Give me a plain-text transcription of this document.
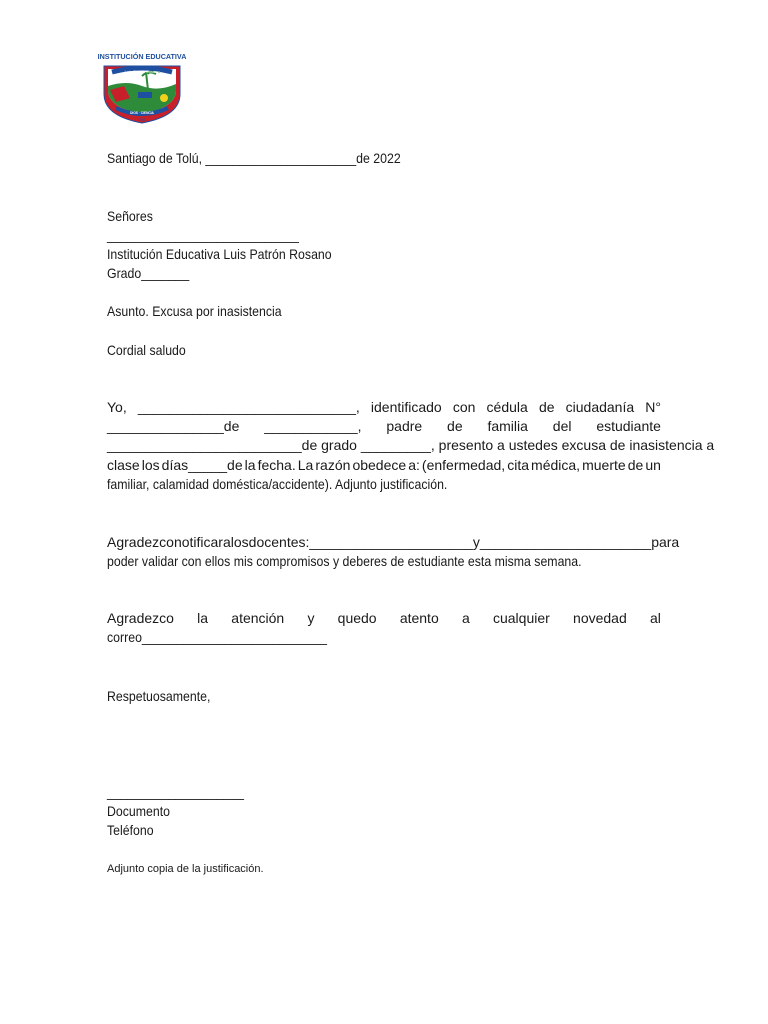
INSTITUCIÓN EDUCATIVA
Luis Patrón Rosano
DIOS · CIENCIA
1961
Santiago de Tolú, ______________________de 2022
Señores
____________________________
Institución Educativa Luis Patrón Rosano
Grado_______
Asunto. Excusa por inasistencia
Cordial saludo
Yo, ____________________________, identificado con cédula de ciudadanía N°
_______________de ____________, padre de familia del estudiante
_________________________ de grado _________, presento a ustedes excusa de inasistencia a
clase los días_____de la fecha. La razón obedece a: (enfermedad, cita médica, muerte de un
familiar, calamidad doméstica/accidente). Adjunto justificación.
Agradezco notificar a los docentes: _____________________y ______________________para
poder validar con ellos mis compromisos y deberes de estudiante esta misma semana.
Agradezco la atención y quedo atento a cualquier novedad al
correo___________________________
Respetuosamente,
____________________
Documento
Teléfono
Adjunto copia de la justificación.
